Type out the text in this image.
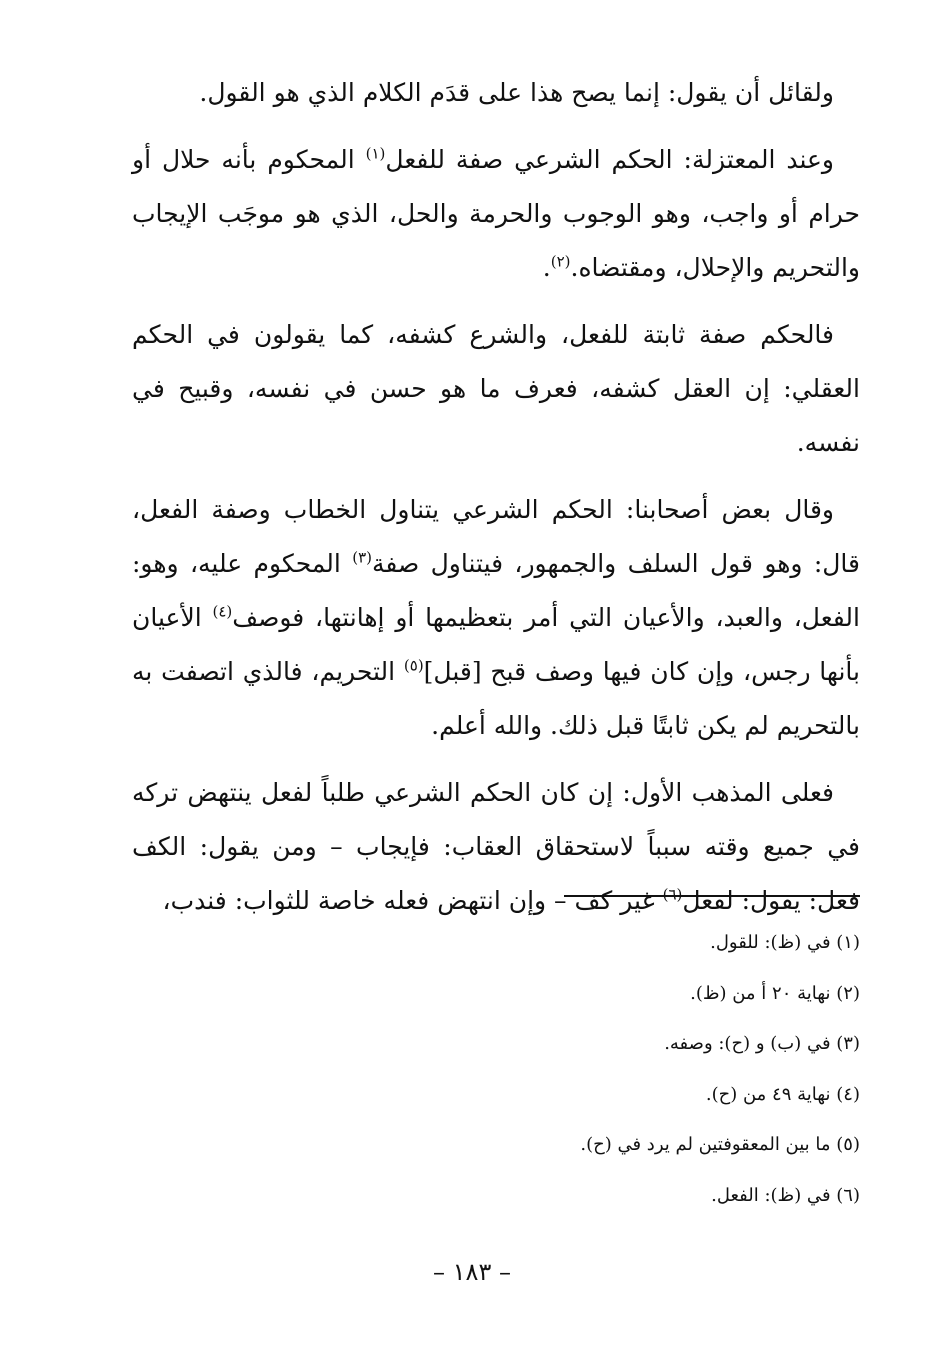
ولقائل أن يقول: إنما يصح هذا على قدَم الكلام الذي هو القول.

وعند المعتزلة: الحكم الشرعي صفة للفعل$^{(١)}$ المحكوم بأنه حلال أو حرام أو واجب، وهو الوجوب والحرمة والحل، الذي هو موجَب الإيجاب والتحريم والإحلال، ومقتضاه.$^{(٢)}$.

فالحكم صفة ثابتة للفعل، والشرع كشفه، كما يقولون في الحكم العقلي: إن العقل كشفه، فعرف ما هو حسن في نفسه، وقبيح في نفسه.

وقال بعض أصحابنا: الحكم الشرعي يتناول الخطاب وصفة الفعل، قال: وهو قول السلف والجمهور، فيتناول صفة$^{(٣)}$ المحكوم عليه، وهو: الفعل، والعبد، والأعيان التي أمر بتعظيمها أو إهانتها، فوصف$^{(٤)}$ الأعيان بأنها رجس، وإن كان فيها وصف قبح [قبل]$^{(٥)}$ التحريم، فالذي اتصفت به بالتحريم لم يكن ثابتًا قبل ذلك. والله أعلم.

فعلى المذهب الأول: إن كان الحكم الشرعي طلباً لفعل ينتهض تركه في جميع وقته سبباً لاستحقاق العقاب: فإيجاب – ومن يقول: الكف فعل: يقول: لفعل$^{(٦)}$ غير كف – وإن انتهض فعله خاصة للثواب: فندب،

(١) في (ظ): للقول.
(٢) نهاية ٢٠ أ من (ظ).
(٣) في (ب) و (ح): وصفه.
(٤) نهاية ٤٩ من (ح).
(٥) ما بين المعقوفتين لم يرد في (ح).
(٦) في (ظ): الفعل.
– ١٨٣ –
